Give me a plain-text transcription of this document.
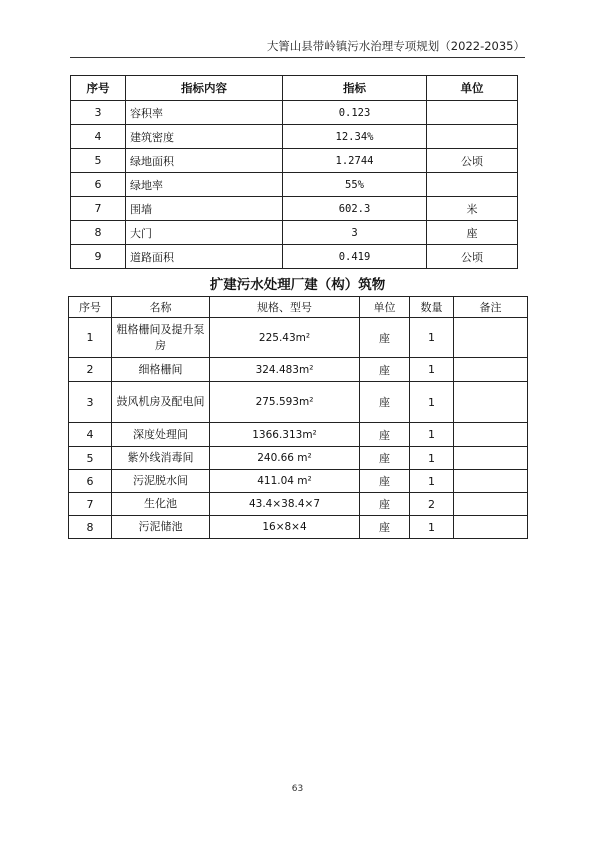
大箐山县带岭镇污水治理专项规划（2022-2035）
序号	指标内容	指标	单位
3	容积率	0.123	
4	建筑密度	12.34%	
5	绿地面积	1.2744	公顷
6	绿地率	55%	
7	围墙	602.3	米
8	大门	3	座
9	道路面积	0.419	公顷
扩建污水处理厂建（构）筑物
序号	名称	规格、型号	单位	数量	备注
1	粗格栅间及提升泵房	225.43m²	座	1	
2	细格栅间	324.483m²	座	1	
3	鼓风机房及配电间	275.593m²	座	1	
4	深度处理间	1366.313m²	座	1	
5	紫外线消毒间	240.66 m²	座	1	
6	污泥脱水间	411.04 m²	座	1	
7	生化池	43.4×38.4×7	座	2	
8	污泥储池	16×8×4	座	1	
63
